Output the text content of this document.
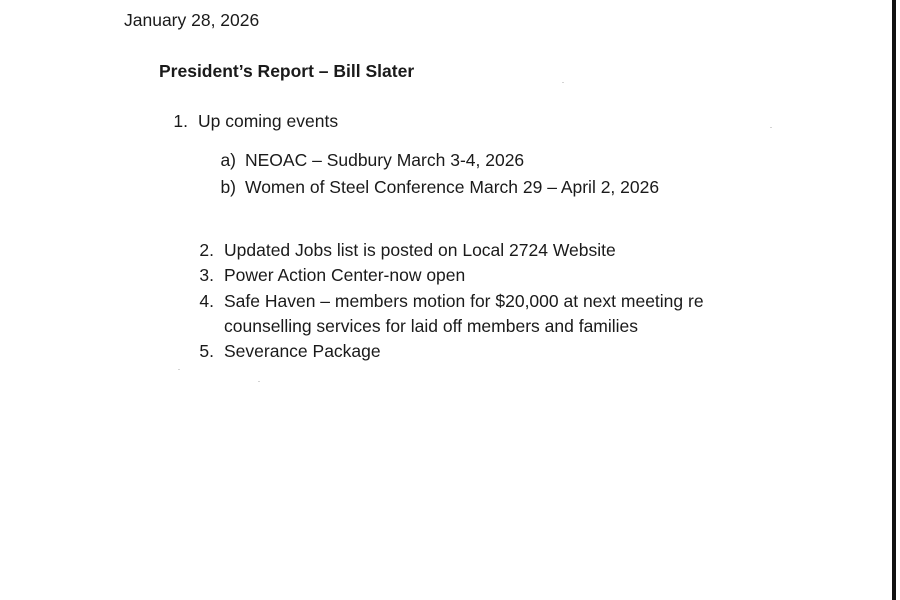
January 28, 2026
President’s Report – Bill Slater
1. Up coming events
a) NEOAC – Sudbury March 3-4, 2026
b) Women of Steel Conference March 29 – April 2, 2026
2. Updated Jobs list is posted on Local 2724 Website
3. Power Action Center-now open
4. Safe Haven – members motion for $20,000 at next meeting re
counselling services for laid off members and families
5. Severance Package
